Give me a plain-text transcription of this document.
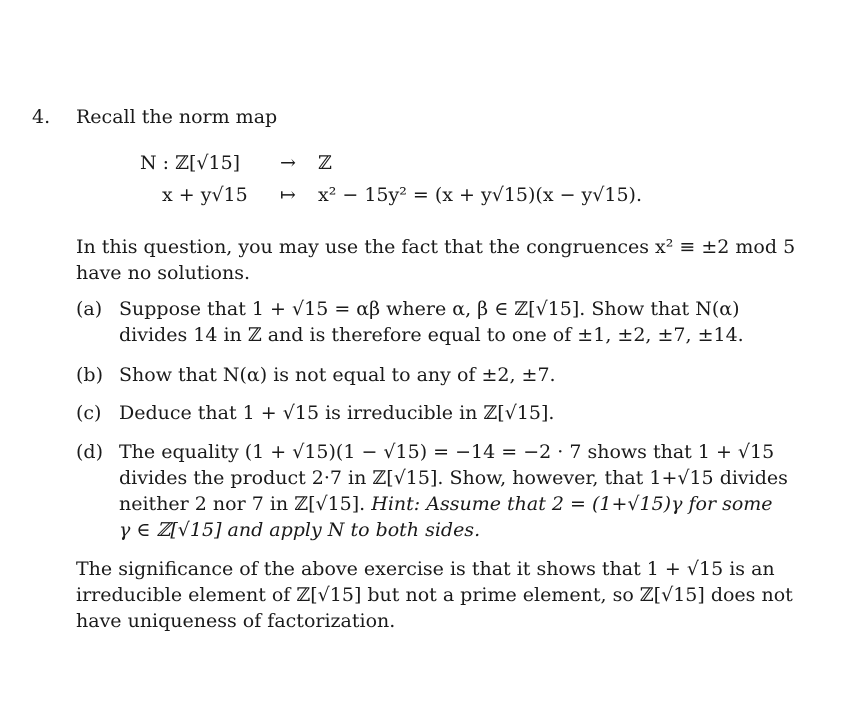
4. Recall the norm map
N : ℤ[√15] → ℤ
x + y√15 ↦ x² − 15y² = (x + y√15)(x − y√15).
In this question, you may use the fact that the congruences x² ≡ ±2 mod 5
have no solutions.
(a) Suppose that 1 + √15 = αβ where α, β ∈ ℤ[√15]. Show that N(α)
divides 14 in ℤ and is therefore equal to one of ±1, ±2, ±7, ±14.
(b) Show that N(α) is not equal to any of ±2, ±7.
(c) Deduce that 1 + √15 is irreducible in ℤ[√15].
(d) The equality (1 + √15)(1 − √15) = −14 = −2 · 7 shows that 1 + √15
divides the product 2·7 in ℤ[√15]. Show, however, that 1+√15 divides
neither 2 nor 7 in ℤ[√15]. Hint: Assume that 2 = (1+√15)γ for some
γ ∈ ℤ[√15] and apply N to both sides.
The significance of the above exercise is that it shows that 1 + √15 is an
irreducible element of ℤ[√15] but not a prime element, so ℤ[√15] does not
have uniqueness of factorization.
